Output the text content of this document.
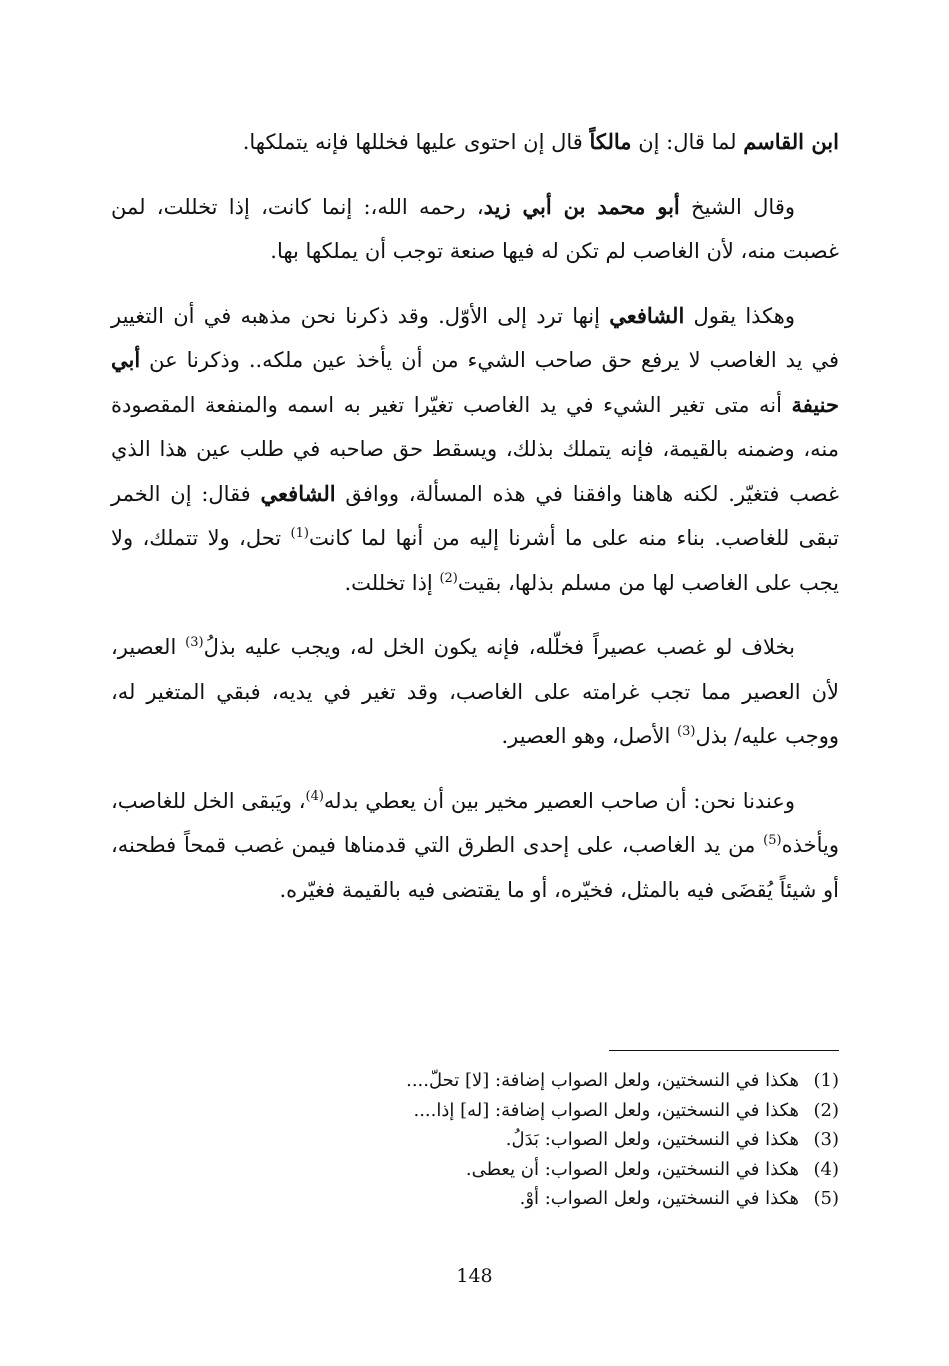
ابن القاسم لما قال: إن مالكاً قال إن احتوى عليها فخللها فإنه يتملكها.

وقال الشيخ أبو محمد بن أبي زيد، رحمه الله،: إنما كانت، إذا تخللت، لمن غصبت منه، لأن الغاصب لم تكن له فيها صنعة توجب أن يملكها بها.

وهكذا يقول الشافعي إنها ترد إلى الأوّل. وقد ذكرنا نحن مذهبه في أن التغيير في يد الغاصب لا يرفع حق صاحب الشيء من أن يأخذ عين ملكه.. وذكرنا عن أبي حنيفة أنه متى تغير الشيء في يد الغاصب تغيّرا تغير به اسمه والمنفعة المقصودة منه، وضمنه بالقيمة، فإنه يتملك بذلك، ويسقط حق صاحبه في طلب عين هذا الذي غصب فتغيّر. لكنه هاهنا وافقنا في هذه المسألة، ووافق الشافعي فقال: إن الخمر تبقى للغاصب. بناء منه على ما أشرنا إليه من أنها لما كانت$^{(1)}$ تحل، ولا تتملك، ولا يجب على الغاصب لها من مسلم بذلها، بقيت$^{(2)}$ إذا تخللت.

بخلاف لو غصب عصيراً فخلّله، فإنه يكون الخل له، ويجب عليه بذلُ$^{(3)}$ العصير، لأن العصير مما تجب غرامته على الغاصب، وقد تغير في يديه، فبقي المتغير له، ووجب عليه/ بذل$^{(3)}$ الأصل، وهو العصير.

وعندنا نحن: أن صاحب العصير مخير بين أن يعطي بدله$^{(4)}$، ويَبقى الخل للغاصب، ويأخذه$^{(5)}$ من يد الغاصب، على إحدى الطرق التي قدمناها فيمن غصب قمحاً فطحنه، أو شيئاً يُقضَى فيه بالمثل، فخيّره، أو ما يقتضى فيه بالقيمة فغيّره.

(1)هكذا في النسختين، ولعل الصواب إضافة: [لا] تحلّ....
(2)هكذا في النسختين، ولعل الصواب إضافة: [له] إذا....
(3)هكذا في النسختين، ولعل الصواب: بَدَلُ.
(4)هكذا في النسختين، ولعل الصواب: أن يعطى.
(5)هكذا في النسختين، ولعل الصواب: أوْ.
148
